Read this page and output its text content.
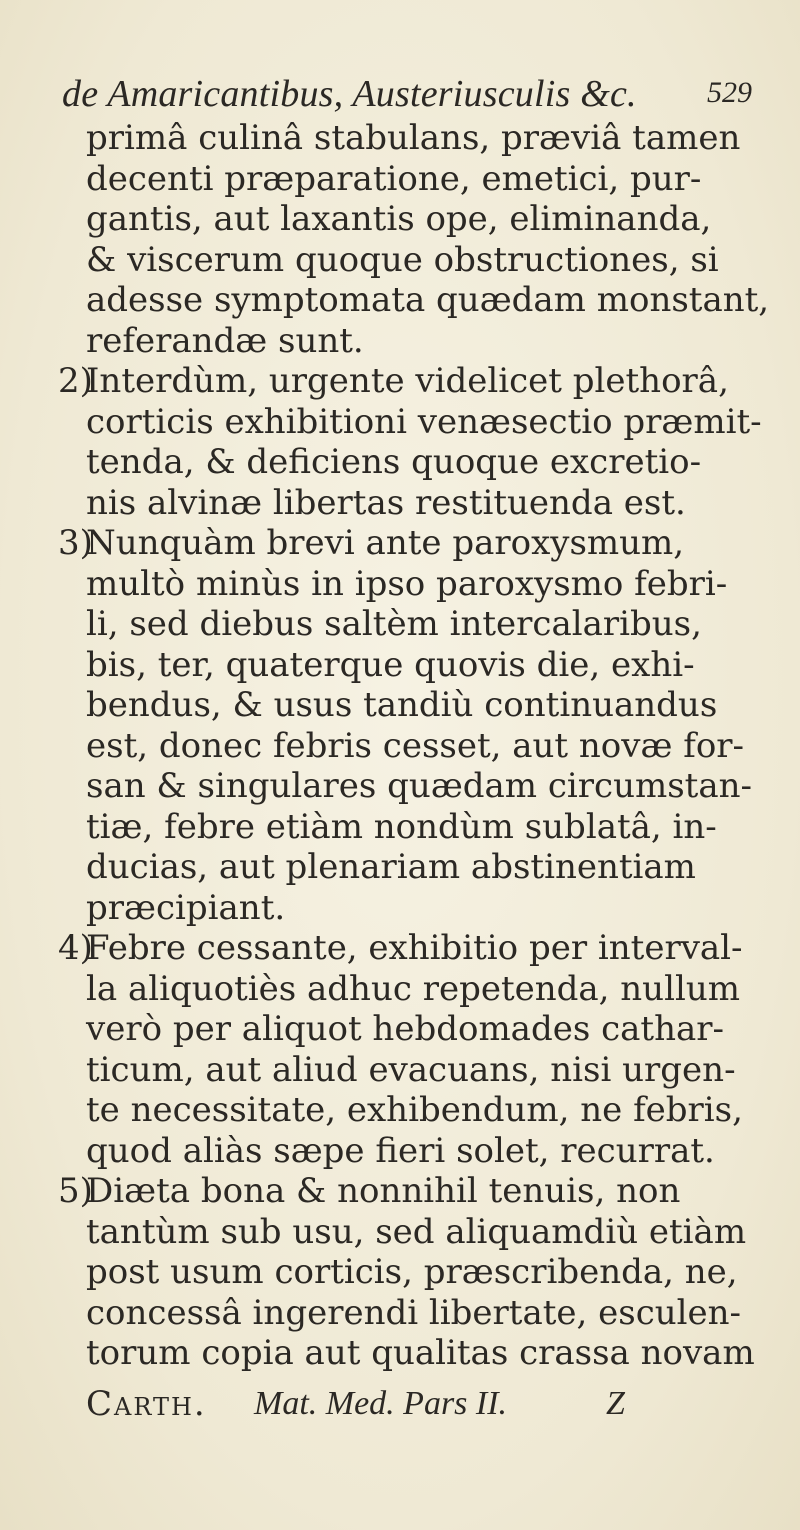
de Amaricantibus, Austeriusculis &c. 529
primâ culinâ stabulans, præviâ tamen
decenti præparatione, emetici, pur-
gantis, aut laxantis ope, eliminanda,
& viscerum quoque obstructiones, si
adesse symptomata quædam monstant,
referandæ sunt.
2)
Interdùm, urgente videlicet plethorâ,
corticis exhibitioni venæsectio præmit-
tenda, & deficiens quoque excretio-
nis alvinæ libertas restituenda est.
3)
Nunquàm brevi ante paroxysmum,
multò minùs in ipso paroxysmo febri-
li, sed diebus saltèm intercalaribus,
bis, ter, quaterque quovis die, exhi-
bendus, & usus tandiù continuandus
est, donec febris cesset, aut novæ for-
san & singulares quædam circumstan-
tiæ, febre etiàm nondùm sublatâ, in-
ducias, aut plenariam abstinentiam
præcipiant.
4)
Febre cessante, exhibitio per interval-
la aliquotiès adhuc repetenda, nullum
verò per aliquot hebdomades cathar-
ticum, aut aliud evacuans, nisi urgen-
te necessitate, exhibendum, ne febris,
quod aliàs sæpe fieri solet, recurrat.
5)
Diæta bona & nonnihil tenuis, non
tantùm sub usu, sed aliquamdiù etiàm
post usum corticis, præscribenda, ne,
concessâ ingerendi libertate, esculen-
torum copia aut qualitas crassa novam
Carth. Mat. Med. Pars II.	Z
